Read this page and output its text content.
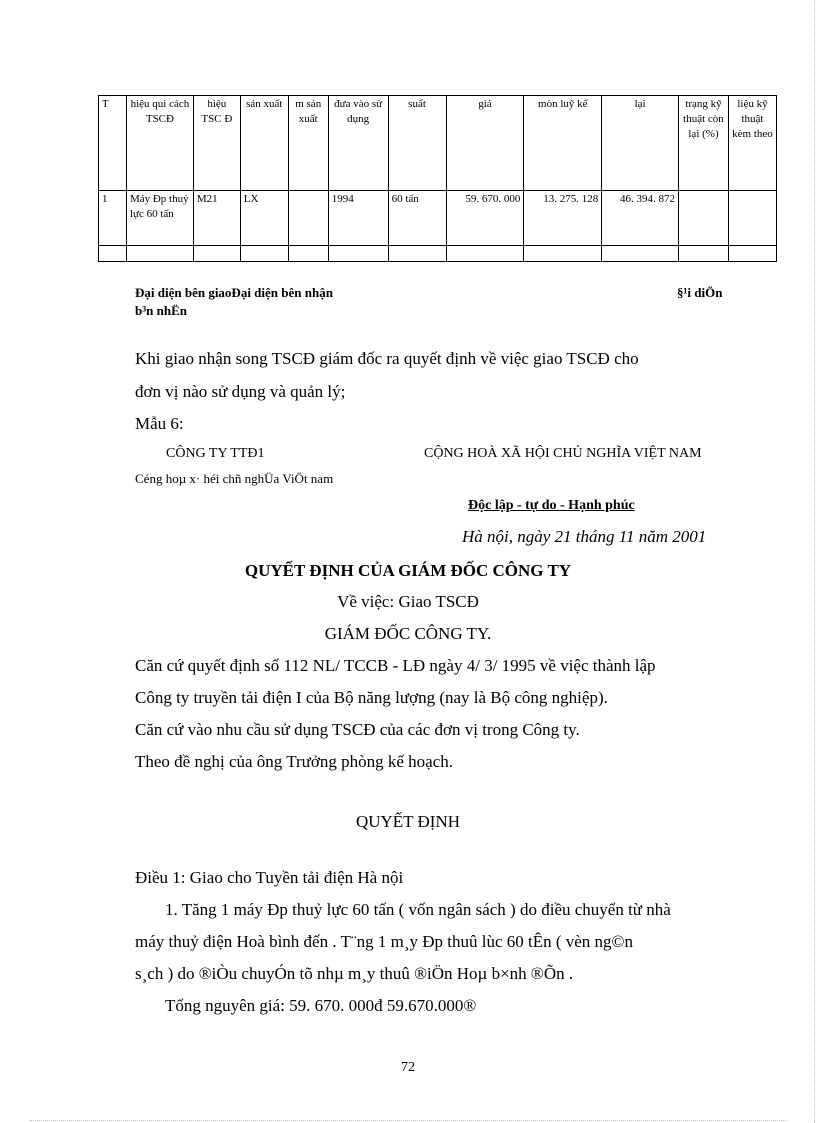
T	hiệu qui cách TSCĐ	hiệu TSC Đ	sản xuất	m sản xuất	đưa vào sử dụng	suất	giá	mòn luỹ kế	lại	trạng kỹ thuật còn lại (%)	liệu kỹ thuật kèm theo
1	Máy Đp thuỷ lực 60 tấn	M21	LX		1994	60 tấn	59. 670. 000	13. 275. 128	46. 394. 872		

Đại diện bên giaoĐại diện bên nhận	§¹i diÖn
b³n nhËn
Khi giao nhận song TSCĐ giám đốc ra quyết định về việc giao TSCĐ cho
đơn vị nào sử dụng và quản lý;
Mẫu 6:
CÔNG TY TTĐ1	CỘNG HOÀ XÃ HỘI CHỦ NGHĨA VIỆT NAM
Céng hoµ x· héi chñ nghÜa ViÖt nam
Độc lập - tự do - Hạnh phúc
Hà nội, ngày 21 tháng 11 năm 2001
QUYẾT ĐỊNH CỦA GIÁM ĐỐC CÔNG TY
Về việc: Giao TSCĐ
GIÁM ĐỐC CÔNG TY.
Căn cứ quyết định số 112 NL/ TCCB - LĐ ngày 4/ 3/ 1995 về việc thành lập
Công ty truyền tải điện I của Bộ năng lượng (nay là Bộ công nghiệp).
Căn cứ vào nhu cầu sử dụng TSCĐ của các đơn vị trong Công ty.
Theo đề nghị của ông Trưởng phòng kế hoạch.
QUYẾT ĐỊNH
Điều 1: Giao cho Tuyền tải điện Hà nội
1. Tăng 1 máy Đp thuỷ lực 60 tấn ( vốn ngân sách ) do điều chuyển từ nhà
máy thuỷ điện Hoà bình đến . T¨ng 1 m¸y Ðp thuû lùc 60 tÊn ( vèn ng©n
s¸ch ) do ®iÒu chuyÓn tõ nhµ m¸y thuû ®iÖn Hoµ b×nh ®Õn .
Tổng nguyên giá: 59. 670. 000đ 59.670.000®
72
